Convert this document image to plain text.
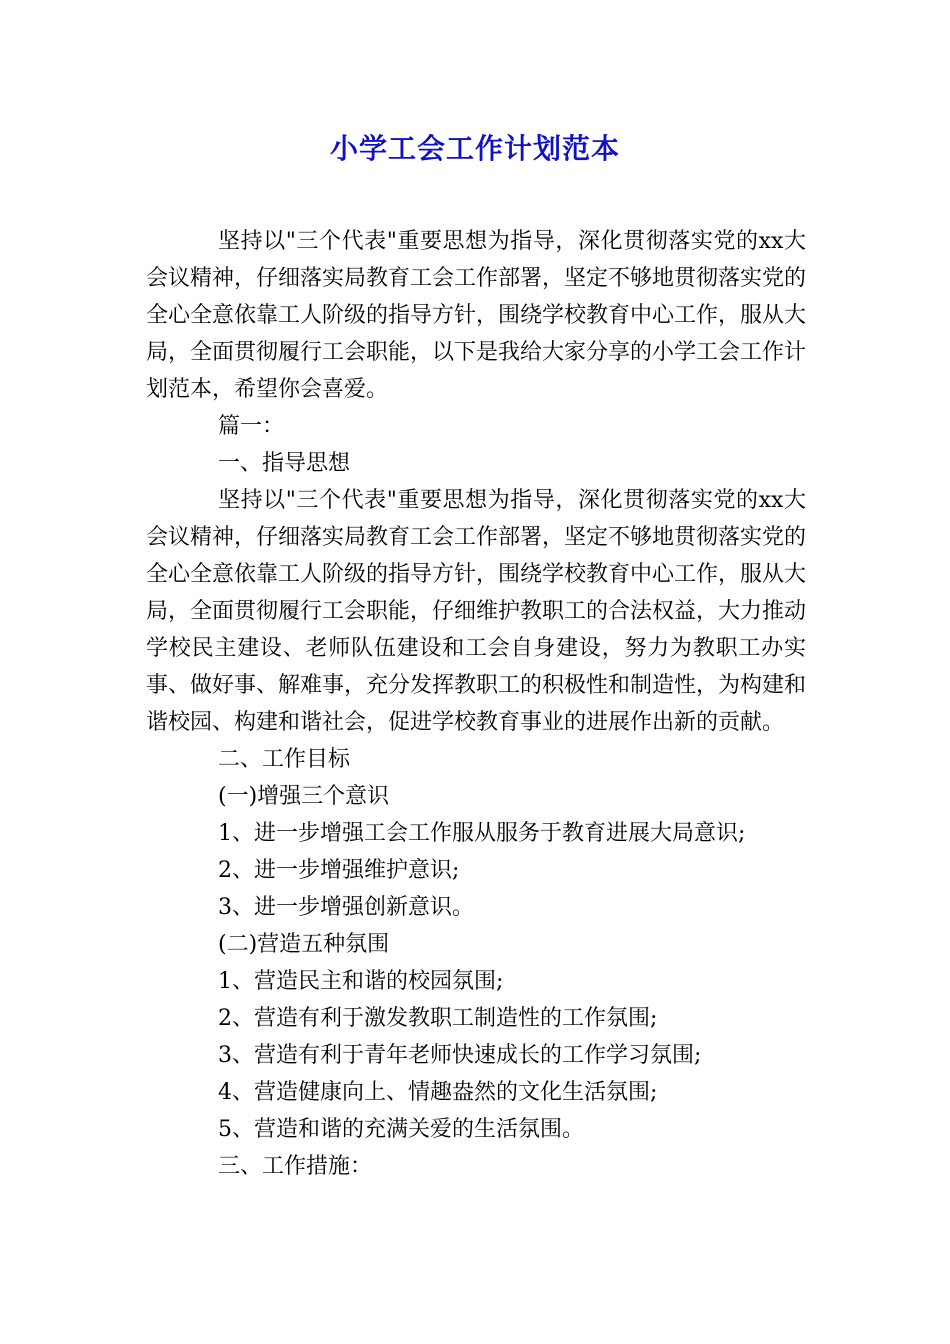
小学工会工作计划范本

坚持以"三个代表"重要思想为指导，深化贯彻落实党的xx大会议精神，仔细落实局教育工会工作部署，坚定不够地贯彻落实党的全心全意依靠工人阶级的指导方针，围绕学校教育中心工作，服从大局，全面贯彻履行工会职能，以下是我给大家分享的小学工会工作计划范本，希望你会喜爱。

篇一：

一、指导思想

坚持以"三个代表"重要思想为指导，深化贯彻落实党的xx大会议精神，仔细落实局教育工会工作部署，坚定不够地贯彻落实党的全心全意依靠工人阶级的指导方针，围绕学校教育中心工作，服从大局，全面贯彻履行工会职能，仔细维护教职工的合法权益，大力推动学校民主建设、老师队伍建设和工会自身建设，努力为教职工办实事、做好事、解难事，充分发挥教职工的积极性和制造性，为构建和谐校园、构建和谐社会，促进学校教育事业的进展作出新的贡献。

二、工作目标

(一)增强三个意识

1、进一步增强工会工作服从服务于教育进展大局意识;

2、进一步增强维护意识;

3、进一步增强创新意识。

(二)营造五种氛围

1、营造民主和谐的校园氛围;

2、营造有利于激发教职工制造性的工作氛围;

3、营造有利于青年老师快速成长的工作学习氛围;

4、营造健康向上、情趣盎然的文化生活氛围;

5、营造和谐的充满关爱的生活氛围。

三、工作措施：
